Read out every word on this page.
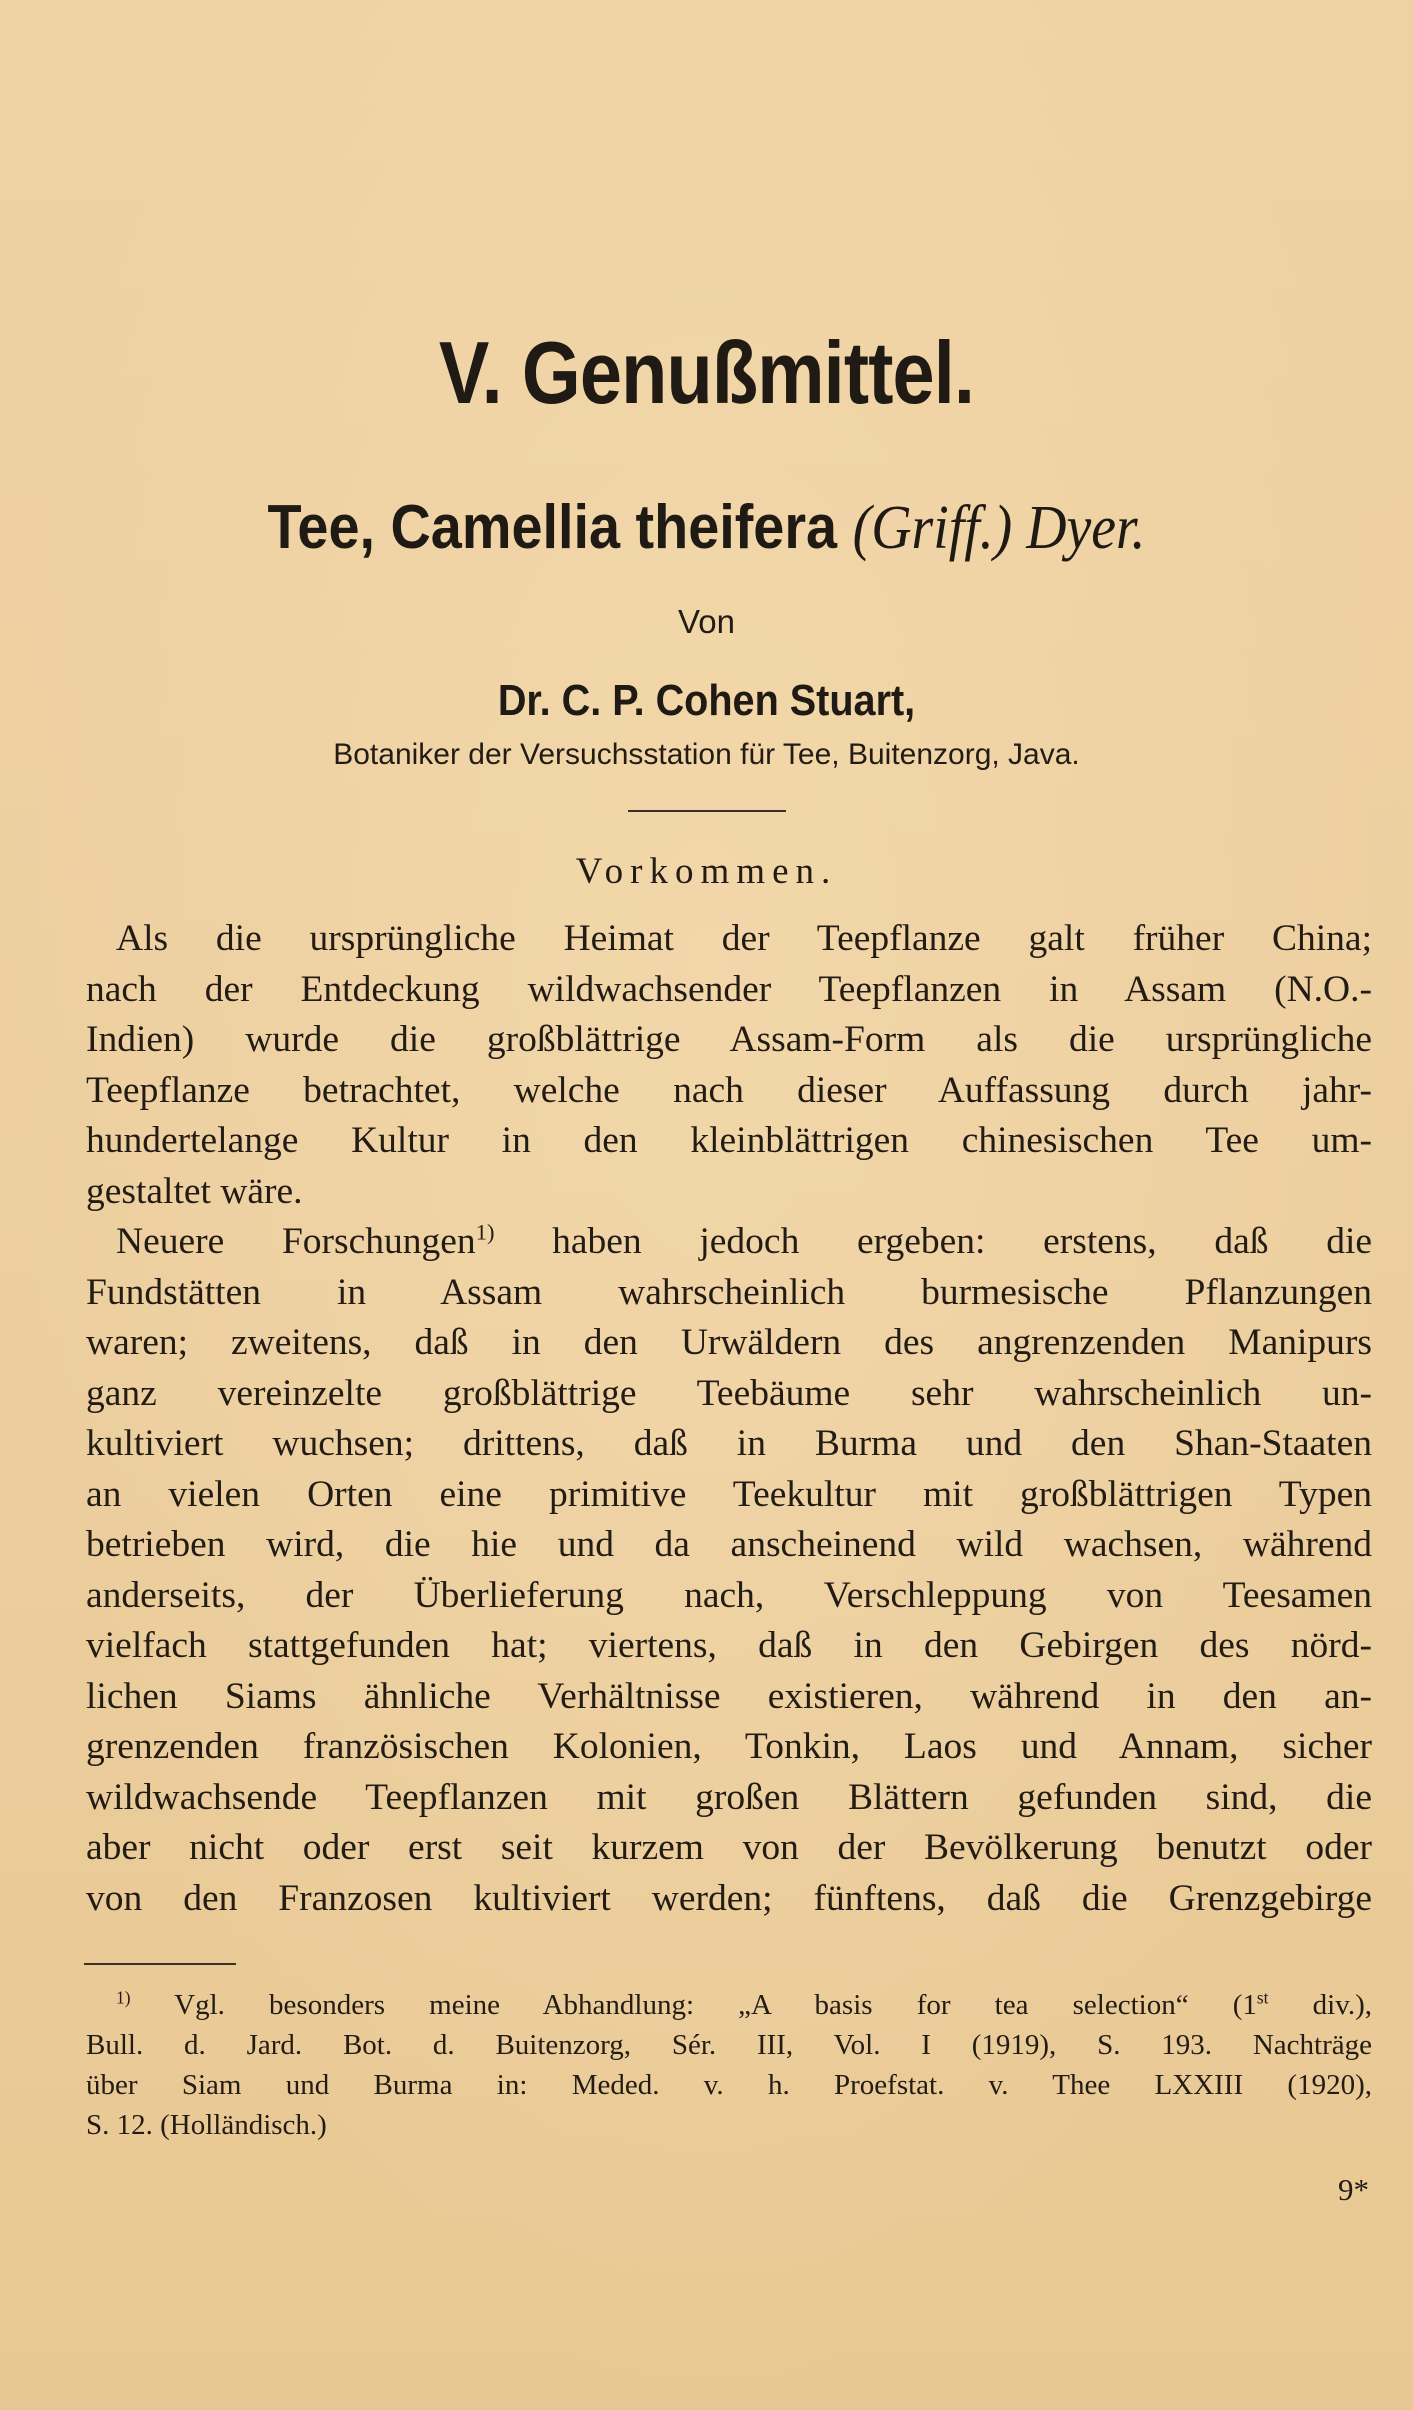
V. Genußmittel.
Tee, Camellia theifera (Griff.) Dyer.
Von
Dr. C. P. Cohen Stuart,
Botaniker der Versuchsstation für Tee, Buitenzorg, Java.
Vorkommen.
Als die ursprüngliche Heimat der Teepflanze galt früher China;
nach der Entdeckung wildwachsender Teepflanzen in Assam (N.O.-
Indien) wurde die großblättrige Assam-Form als die ursprüngliche
Teepflanze betrachtet, welche nach dieser Auffassung durch jahr-
hundertelange Kultur in den kleinblättrigen chinesischen Tee um-
gestaltet wäre.
Neuere Forschungen$^{1)}$ haben jedoch ergeben: erstens, daß die
Fundstätten in Assam wahrscheinlich burmesische Pflanzungen
waren; zweitens, daß in den Urwäldern des angrenzenden Manipurs
ganz vereinzelte großblättrige Teebäume sehr wahrscheinlich un-
kultiviert wuchsen; drittens, daß in Burma und den Shan-Staaten
an vielen Orten eine primitive Teekultur mit großblättrigen Typen
betrieben wird, die hie und da anscheinend wild wachsen, während
anderseits, der Überlieferung nach, Verschleppung von Teesamen
vielfach stattgefunden hat; viertens, daß in den Gebirgen des nörd-
lichen Siams ähnliche Verhältnisse existieren, während in den an-
grenzenden französischen Kolonien, Tonkin, Laos und Annam, sicher
wildwachsende Teepflanzen mit großen Blättern gefunden sind, die
aber nicht oder erst seit kurzem von der Bevölkerung benutzt oder
von den Franzosen kultiviert werden; fünftens, daß die Grenzgebirge
$^{1)}$ Vgl. besonders meine Abhandlung: „A basis for tea selection“ (1st div.),
Bull. d. Jard. Bot. d. Buitenzorg, Sér. III, Vol. I (1919), S. 193. Nachträge
über Siam und Burma in: Meded. v. h. Proefstat. v. Thee LXXIII (1920),
S. 12. (Holländisch.)
9*
